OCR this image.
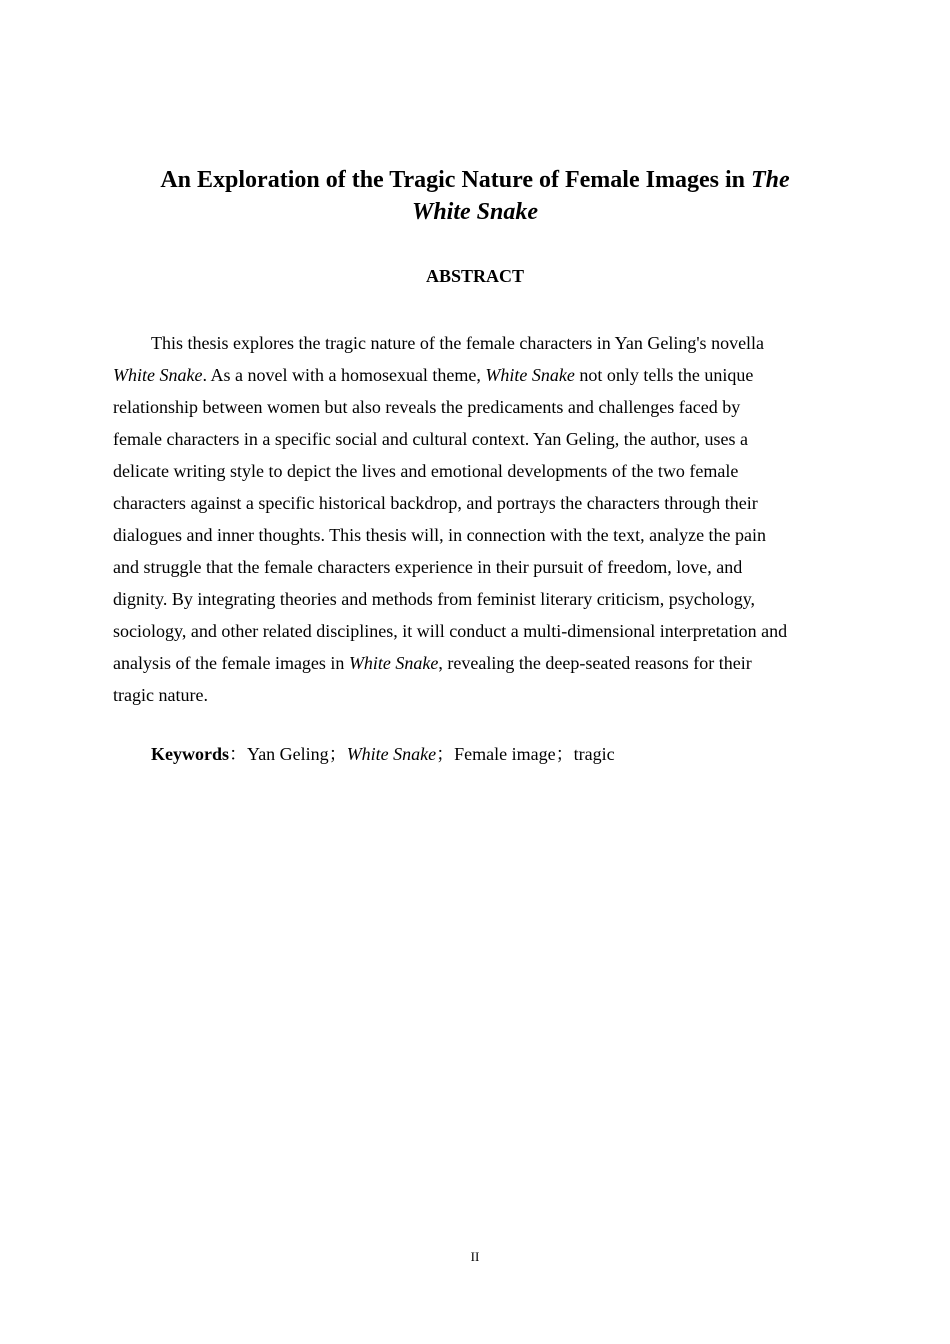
An Exploration of the Tragic Nature of Female Images in The
White Snake
ABSTRACT
This thesis explores the tragic nature of the female characters in Yan Geling's novella
White Snake. As a novel with a homosexual theme, White Snake not only tells the unique
relationship between women but also reveals the predicaments and challenges faced by
female characters in a specific social and cultural context. Yan Geling, the author, uses a
delicate writing style to depict the lives and emotional developments of the two female
characters against a specific historical backdrop, and portrays the characters through their
dialogues and inner thoughts. This thesis will, in connection with the text, analyze the pain
and struggle that the female characters experience in their pursuit of freedom, love, and
dignity. By integrating theories and methods from feminist literary criticism, psychology,
sociology, and other related disciplines, it will conduct a multi-dimensional interpretation and
analysis of the female images in White Snake, revealing the deep-seated reasons for their
tragic nature.

Keywords：Yan Geling；White Snake；Female image；tragic

II
